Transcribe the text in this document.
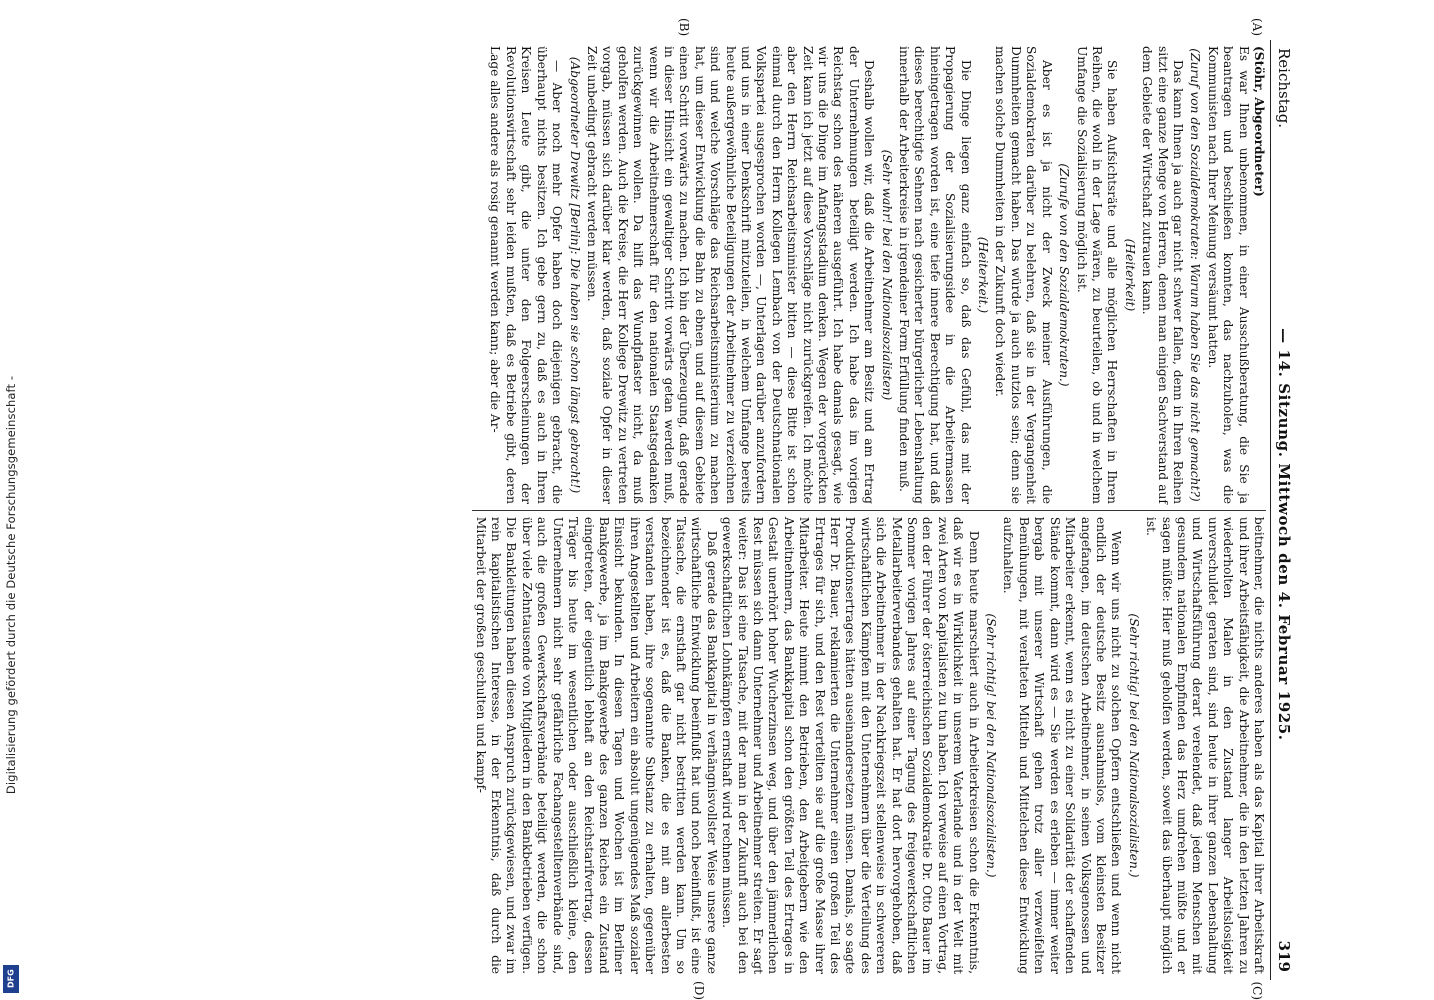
Digitalisierung gefördert durch die Deutsche Forschungsgemeinschaft -
DFG
Reichstag.
— 14. Sitzung. Mittwoch den 4. Februar 1925.
319
(A)
(B)
(C)
(D)

(Stöhr, Abgeordneter)

Es war Ihnen unbenommen, in einer Ausschußberatung, die Sie ja beantragen und beschließen konnten, das nachzuholen, was die Kommunisten nach Ihrer Meinung versäumt hatten.

(Zuruf von den Sozialdemokraten: Warum haben Sie das nicht gemacht?)

Das kann Ihnen ja auch gar nicht schwer fallen, denn in Ihren Reihen sitzt eine ganze Menge von Herren, denen man einigen Sachverstand auf dem Gebiete der Wirtschaft zutrauen kann.

(Heiterkeit)

Sie haben Aufsichtsräte und alle möglichen Herrschaften in Ihren Reihen, die wohl in der Lage wären, zu beurteilen, ob und in welchem Umfange die Sozialisierung möglich ist.

(Zurufe von den Sozialdemokraten.)

Aber es ist ja nicht der Zweck meiner Ausführungen, die Sozialdemokraten darüber zu belehren, daß sie in der Vergangenheit Dummheiten gemacht haben. Das würde ja auch nutzlos sein; denn sie machen solche Dummheiten in der Zukunft doch wieder.

(Heiterkeit.)

Die Dinge liegen ganz einfach so, daß das Gefühl, das mit der Propagierung der Sozialisierungsidee in die Arbeitermassen hineingetragen worden ist, eine tiefe innere Berechtigung hat, und daß dieses berechtigte Sehnen nach gesicherter bürgerlicher Lebenshaltung innerhalb der Arbeiterkreise in irgendeiner Form Erfüllung finden muß.

(Sehr wahr! bei den Nationalsozialisten)

Deshalb wollen wir, daß die Arbeitnehmer am Besitz und am Ertrag der Unternehmungen beteiligt werden. Ich habe das im vorigen Reichstag schon des näheren ausgeführt. Ich habe damals gesagt, wie wir uns die Dinge im Anfangsstadium denken. Wegen der vorgerückten Zeit kann ich jetzt auf diese Vorschläge nicht zurückgreifen. Ich möchte aber den Herrn Reichsarbeitsminister bitten — diese Bitte ist schon einmal durch den Herrn Kollegen Lembach von der Deutschnationalen Volkspartei ausgesprochen worden —, Unterlagen darüber anzufordern und uns in einer Denkschrift mitzuteilen, in welchem Umfange bereits heute außergewöhnliche Beteiligungen der Arbeitnehmer zu verzeichnen sind und welche Vorschläge das Reichsarbeitsministerium zu machen hat, um dieser Entwicklung die Bahn zu ebnen und auf diesem Gebiete einen Schritt vorwärts zu machen. Ich bin der Überzeugung, daß gerade in dieser Hinsicht ein gewaltiger Schritt vorwärts getan werden muß, wenn wir die Arbeitnehmerschaft für den nationalen Staatsgedanken zurückgewinnen wollen. Da hilft das Wundpflaster nicht, da muß geholfen werden. Auch die Kreise, die Herr Kollege Drewitz zu vertreten vorgab, müssen sich darüber klar werden, daß soziale Opfer in dieser Zeit unbedingt gebracht werden müssen.

(Abgeordneter Drewitz [Berlin]: Die haben sie schon längst gebracht!)

— Aber noch mehr Opfer haben doch diejenigen gebracht, die überhaupt nichts besitzen. Ich gebe gern zu, daß es auch in Ihren Kreisen Leute gibt, die unter den Folgeerscheinungen der Revolutionswirtschaft sehr leiden mußten, daß es Betriebe gibt, deren Lage alles andere als rosig genannt werden kann; aber die Ar-

beitnehmer, die nichts anderes haben als das Kapital ihrer Arbeitskraft und ihrer Arbeitsfähigkeit, die Arbeitnehmer, die in den letzten Jahren zu wiederholten Malen in den Zustand langer Arbeitslosigkeit unverschuldet geraten sind, sind heute in ihrer ganzen Lebenshaltung und Wirtschaftsführung derart verelendet, daß jedem Menschen mit gesundem nationalen Empfinden das Herz umdrehen müßte und er sagen müßte: Hier muß geholfen werden, soweit das überhaupt möglich ist.

(Sehr richtig! bei den Nationalsozialisten.)

Wenn wir uns nicht zu solchen Opfern entschließen und wenn nicht endlich der deutsche Besitz ausnahmslos, vom kleinsten Besitzer angefangen, im deutschen Arbeitnehmer, in seinen Volksgenossen und Mitarbeiter erkennt, wenn es nicht zu einer Solidarität der schaffenden Stände kommt, dann wird es — Sie werden es erleben — immer weiter bergab mit unserer Wirtschaft gehen trotz aller verzweifelten Bemühungen, mit veralteten Mitteln und Mittelchen diese Entwicklung aufzuhalten.

(Sehr richtig! bei den Nationalsozialisten.)

Denn heute marschiert auch in Arbeiterkreisen schon die Erkenntnis, daß wir es in Wirklichkeit in unserem Vaterlande und in der Welt mit zwei Arten von Kapitalisten zu tun haben. Ich verweise auf einen Vortrag, den der Führer der österreichischen Sozialdemokratie Dr. Otto Bauer im Sommer vorigen Jahres auf einer Tagung des freigewerkschaftlichen Metallarbeiterverbandes gehalten hat. Er hat dort hervorgehoben, daß sich die Arbeitnehmer in der Nachkriegszeit stellenweise in schwereren wirtschaftlichen Kämpfen mit den Unternehmern über die Verteilung des Produktionsertrages hätten auseinandersetzen müssen. Damals, so sagte Herr Dr. Bauer, reklamierten die Unternehmer einen großen Teil des Ertrages für sich, und den Rest verteilten sie auf die große Masse ihrer Mitarbeiter. Heute nimmt den Betrieben, den Arbeitgebern wie den Arbeitnehmern, das Bankkapital schon den größten Teil des Ertrages in Gestalt unerhört hoher Wucherzinsen weg, und über den jämmerlichen Rest müssen sich dann Unternehmer und Arbeitnehmer streiten. Er sagt weiter: Das ist eine Tatsache, mit der man in der Zukunft auch bei den gewerkschaftlichen Lohnkämpfen ernsthaft wird rechnen müssen.

Daß gerade das Bankkapital in verhängnisvollster Weise unsere ganze wirtschaftliche Entwicklung beeinflußt hat und noch beeinflußt, ist eine Tatsache, die ernsthaft gar nicht bestritten werden kann. Um so bezeichnender ist es, daß die Banken, die es mit am allerbesten verstanden haben, ihre sogenannte Substanz zu erhalten, gegenüber ihren Angestellten und Arbeitern ein absolut ungenügendes Maß sozialer Einsicht bekunden. In diesen Tagen und Wochen ist im Berliner Bankgewerbe, ja im Bankgewerbe des ganzen Reiches ein Zustand eingetreten, der eigentlich lebhaft an den Reichstarifvertrag, dessen Träger bis heute im wesentlichen oder ausschließlich kleine, den Unternehmern nicht sehr gefährliche Fachangestelltenverbände sind, auch die großen Gewerkschaftsverbände beteiligt werden, die schon über viele Zehntausende von Mitgliedern in den Bankbetrieben verfügen. Die Bankleitungen haben diesen Anspruch zurückgewiesen, und zwar im rein kapitalistischen Interesse, in der Erkenntnis, daß durch die Mitarbeit der großen geschulten und kampf-
